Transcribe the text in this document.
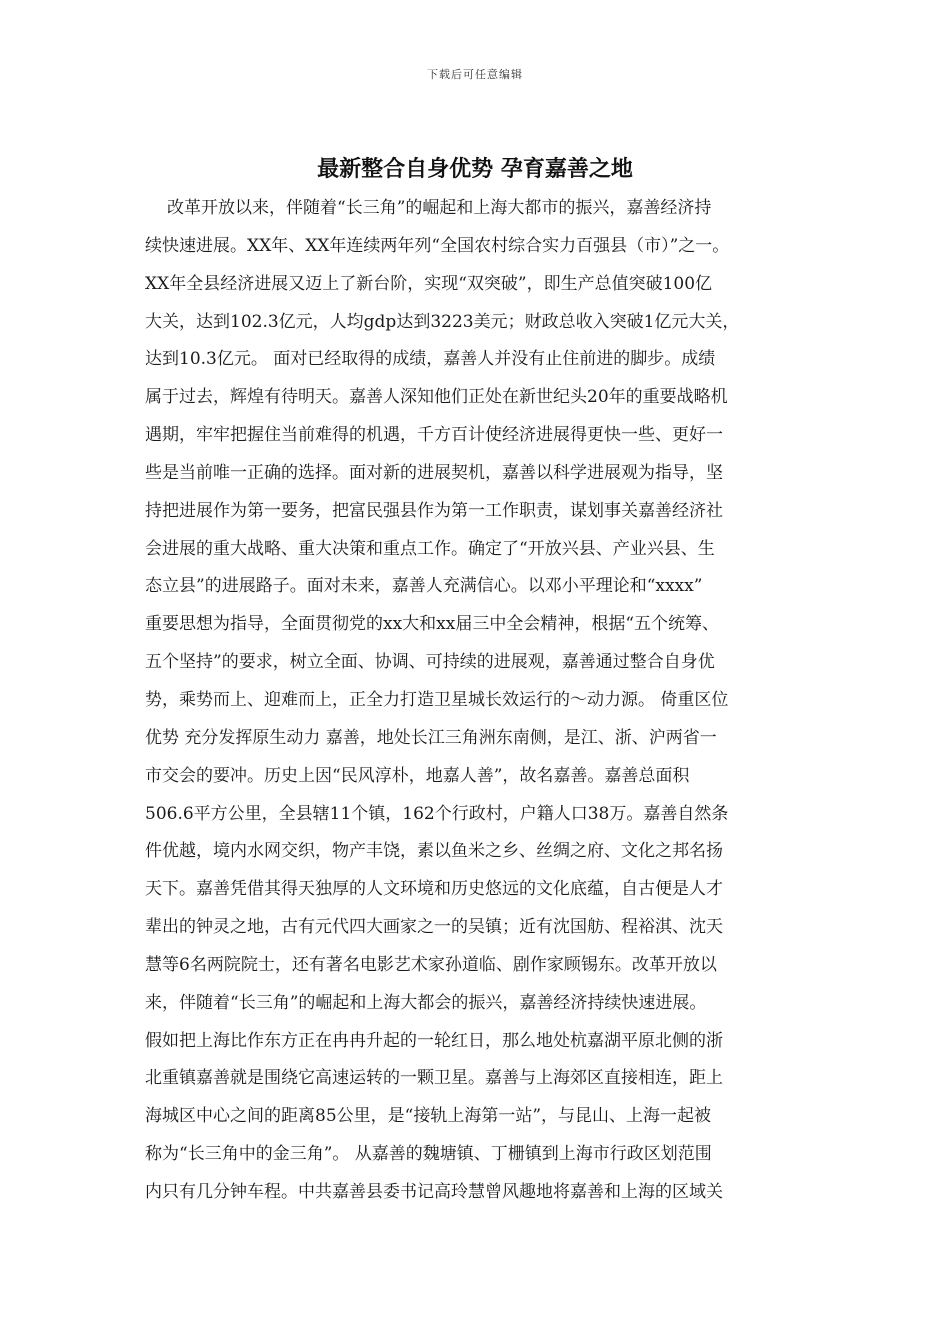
下载后可任意编辑
最新整合自身优势 孕育嘉善之地
改革开放以来，伴随着“长三角”的崛起和上海大都市的振兴，嘉善经济持
续快速进展。XX年、XX年连续两年列“全国农村综合实力百强县（市）”之一。
XX年全县经济进展又迈上了新台阶，实现“双突破”，即生产总值突破100亿
大关，达到102.3亿元，人均gdp达到3223美元；财政总收入突破1亿元大关，
达到10.3亿元。 面对已经取得的成绩，嘉善人并没有止住前进的脚步。成绩
属于过去，辉煌有待明天。嘉善人深知他们正处在新世纪头20年的重要战略机
遇期，牢牢把握住当前难得的机遇，千方百计使经济进展得更快一些、更好一
些是当前唯一正确的选择。面对新的进展契机，嘉善以科学进展观为指导，坚
持把进展作为第一要务，把富民强县作为第一工作职责，谋划事关嘉善经济社
会进展的重大战略、重大决策和重点工作。确定了“开放兴县、产业兴县、生
态立县”的进展路子。面对未来，嘉善人充满信心。以邓小平理论和“xxxx”
重要思想为指导，全面贯彻党的xx大和xx届三中全会精神，根据“五个统筹、
五个坚持”的要求，树立全面、协调、可持续的进展观，嘉善通过整合自身优
势，乘势而上、迎难而上，正全力打造卫星城长效运行的～动力源。 倚重区位
优势 充分发挥原生动力 嘉善，地处长江三角洲东南侧，是江、浙、沪两省一
市交会的要冲。历史上因“民风淳朴，地嘉人善”，故名嘉善。嘉善总面积
506.6平方公里，全县辖11个镇，162个行政村，户籍人口38万。嘉善自然条
件优越，境内水网交织，物产丰饶，素以鱼米之乡、丝绸之府、文化之邦名扬
天下。嘉善凭借其得天独厚的人文环境和历史悠远的文化底蕴，自古便是人才
辈出的钟灵之地，古有元代四大画家之一的吴镇；近有沈国舫、程裕淇、沈天
慧等6名两院院士，还有著名电影艺术家孙道临、剧作家顾锡东。改革开放以
来，伴随着“长三角”的崛起和上海大都会的振兴，嘉善经济持续快速进展。
假如把上海比作东方正在冉冉升起的一轮红日，那么地处杭嘉湖平原北侧的浙
北重镇嘉善就是围绕它高速运转的一颗卫星。嘉善与上海郊区直接相连，距上
海城区中心之间的距离85公里，是“接轨上海第一站”，与昆山、上海一起被
称为“长三角中的金三角”。 从嘉善的魏塘镇、丁栅镇到上海市行政区划范围
内只有几分钟车程。中共嘉善县委书记高玲慧曾风趣地将嘉善和上海的区域关
